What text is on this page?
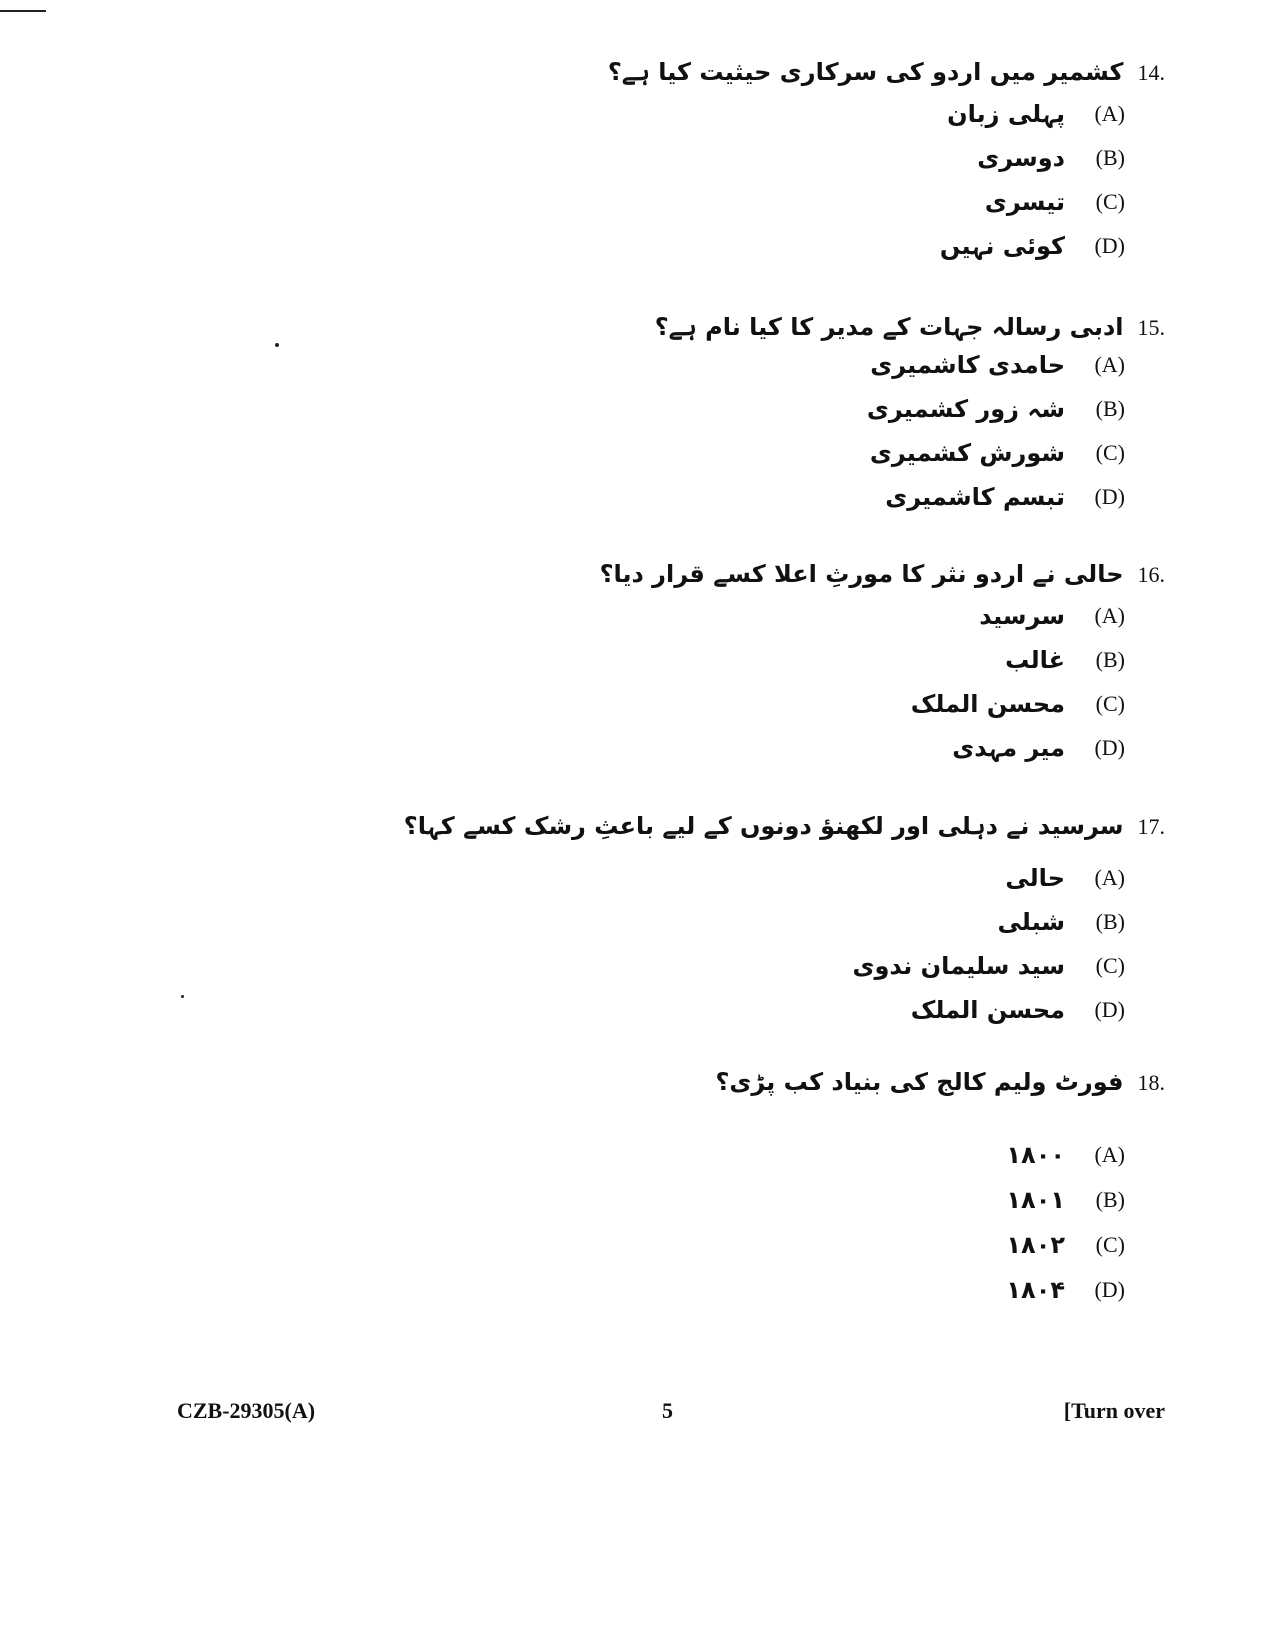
14.
کشمیر میں اردو کی سرکاری حیثیت کیا ہے؟
(A)
پہلی زبان
(B)
دوسری
(C)
تیسری
(D)
کوئی نہیں
15.
ادبی رسالہ جہات کے مدیر کا کیا نام ہے؟
(A)
حامدی کاشمیری
(B)
شہ زور کشمیری
(C)
شورش کشمیری
(D)
تبسم کاشمیری
16.
حالی نے اردو نثر کا مورثِ اعلا کسے قرار دیا؟
(A)
سرسید
(B)
غالب
(C)
محسن الملک
(D)
میر مہدی
17.
سرسید نے دہلی اور لکھنؤ دونوں کے لیے باعثِ رشک کسے کہا؟
(A)
حالی
(B)
شبلی
(C)
سید سلیمان ندوی
(D)
محسن الملک
18.
فورٹ ولیم کالج کی بنیاد کب پڑی؟
(A)
۱۸۰۰
(B)
۱۸۰۱
(C)
۱۸۰۲
(D)
۱۸۰۴
CZB-29305(A)	5	[Turn over
